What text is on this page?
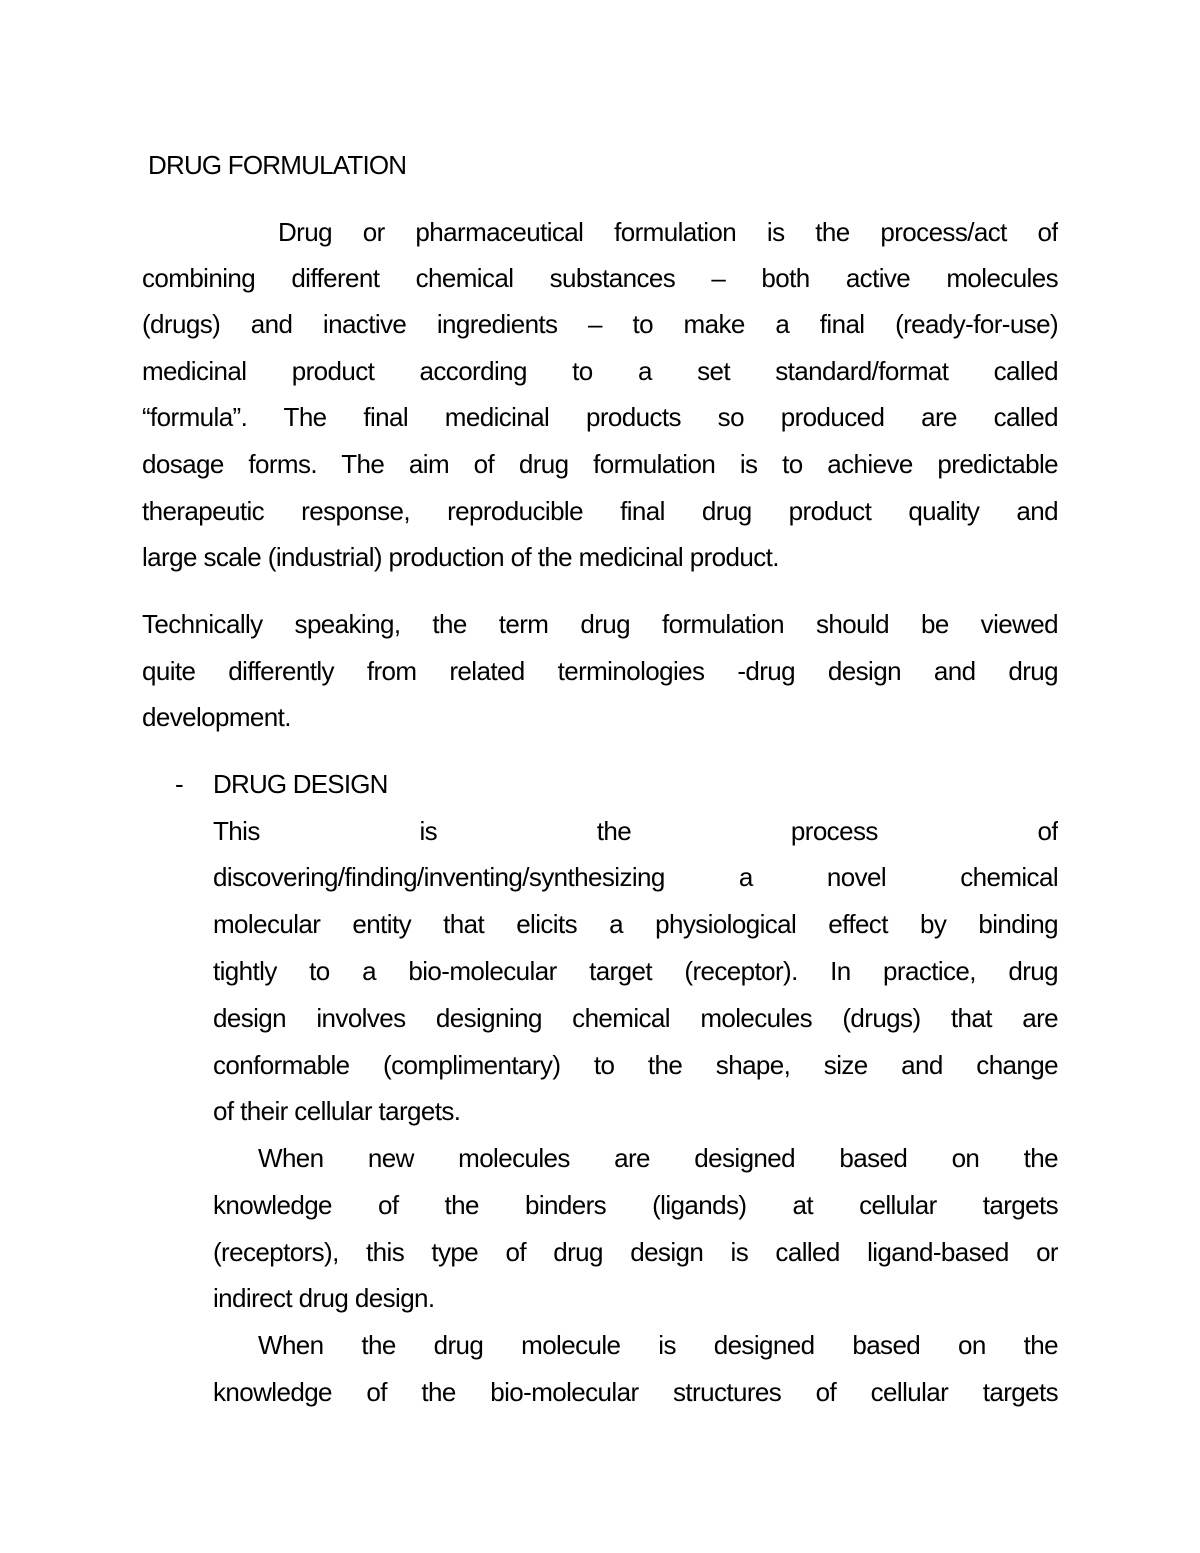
DRUG FORMULATION
Drug or pharmaceutical formulation is the process/act of
combining different chemical substances – both active molecules
(drugs) and inactive ingredients – to make a final (ready-for-use)
medicinal product according to a set standard/format called
“formula”. The final medicinal products so produced are called
dosage forms. The aim of drug formulation is to achieve predictable
therapeutic response, reproducible final drug product quality and
large scale (industrial) production of the medicinal product.
Technically speaking, the term drug formulation should be viewed
quite differently from related terminologies -drug design and drug
development.
- DRUG DESIGN
This is the process of
discovering/finding/inventing/synthesizing a novel chemical
molecular entity that elicits a physiological effect by binding
tightly to a bio-molecular target (receptor). In practice, drug
design involves designing chemical molecules (drugs) that are
conformable (complimentary) to the shape, size and change
of their cellular targets.
When new molecules are designed based on the
knowledge of the binders (ligands) at cellular targets
(receptors), this type of drug design is called ligand-based or
indirect drug design.
When the drug molecule is designed based on the
knowledge of the bio-molecular structures of cellular targets
